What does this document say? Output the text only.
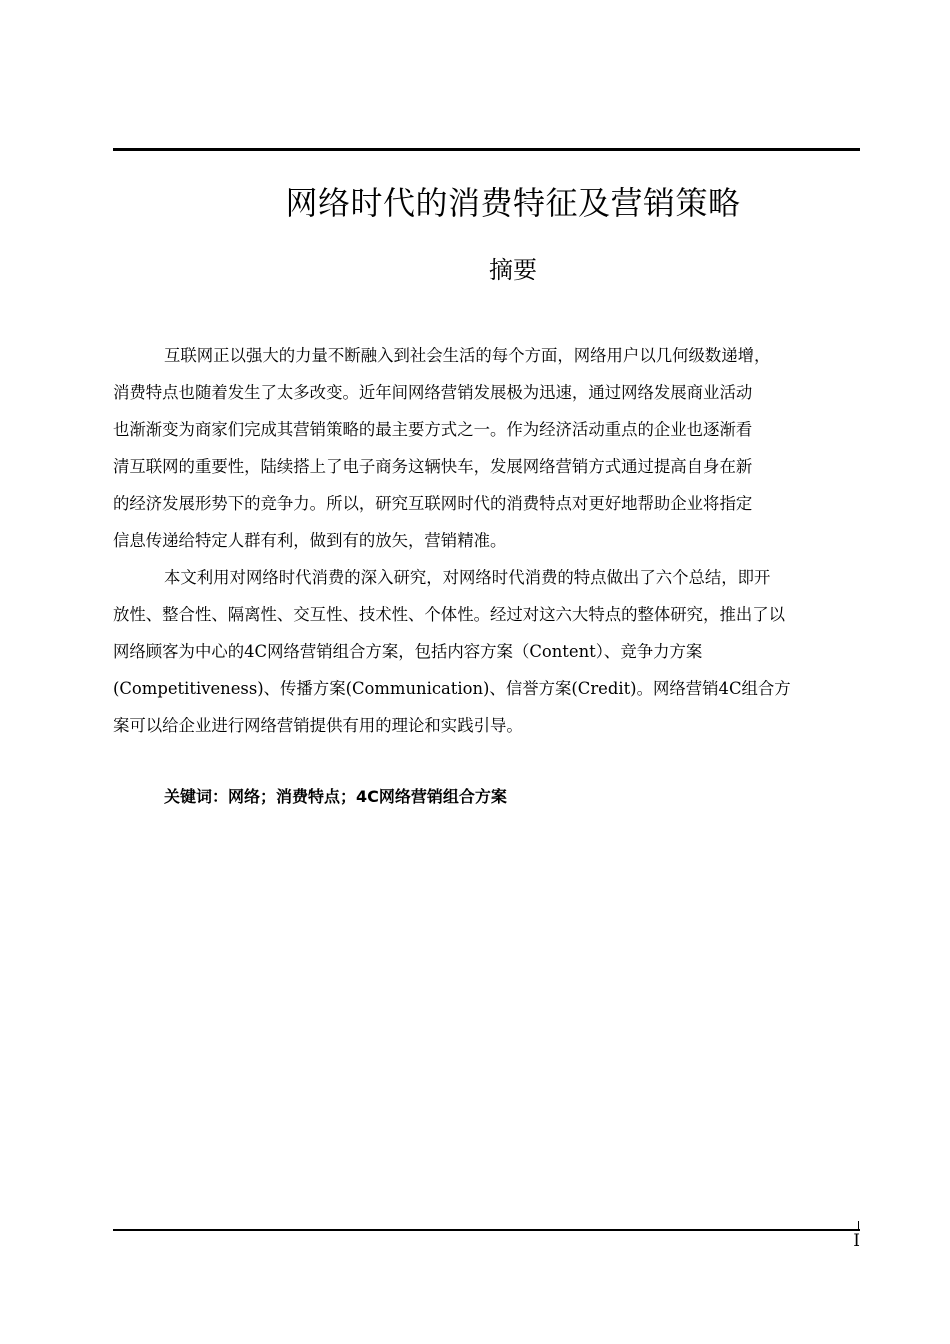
网络时代的消费特征及营销策略
摘要
互联网正以强大的力量不断融入到社会生活的每个方面，网络用户以几何级数递增，
消费特点也随着发生了太多改变。近年间网络营销发展极为迅速，通过网络发展商业活动
也渐渐变为商家们完成其营销策略的最主要方式之一。作为经济活动重点的企业也逐渐看
清互联网的重要性，陆续搭上了电子商务这辆快车，发展网络营销方式通过提高自身在新
的经济发展形势下的竞争力。所以，研究互联网时代的消费特点对更好地帮助企业将指定
信息传递给特定人群有利，做到有的放矢，营销精准。
本文利用对网络时代消费的深入研究，对网络时代消费的特点做出了六个总结，即开
放性、整合性、隔离性、交互性、技术性、个体性。经过对这六大特点的整体研究，推出了以
网络顾客为中心的4C网络营销组合方案，包括内容方案（Content）、竞争力方案
(Competitiveness)、传播方案(Communication)、信誉方案(Credit)。网络营销4C组合方
案可以给企业进行网络营销提供有用的理论和实践引导。
关键词：网络；消费特点；4C网络营销组合方案
I
